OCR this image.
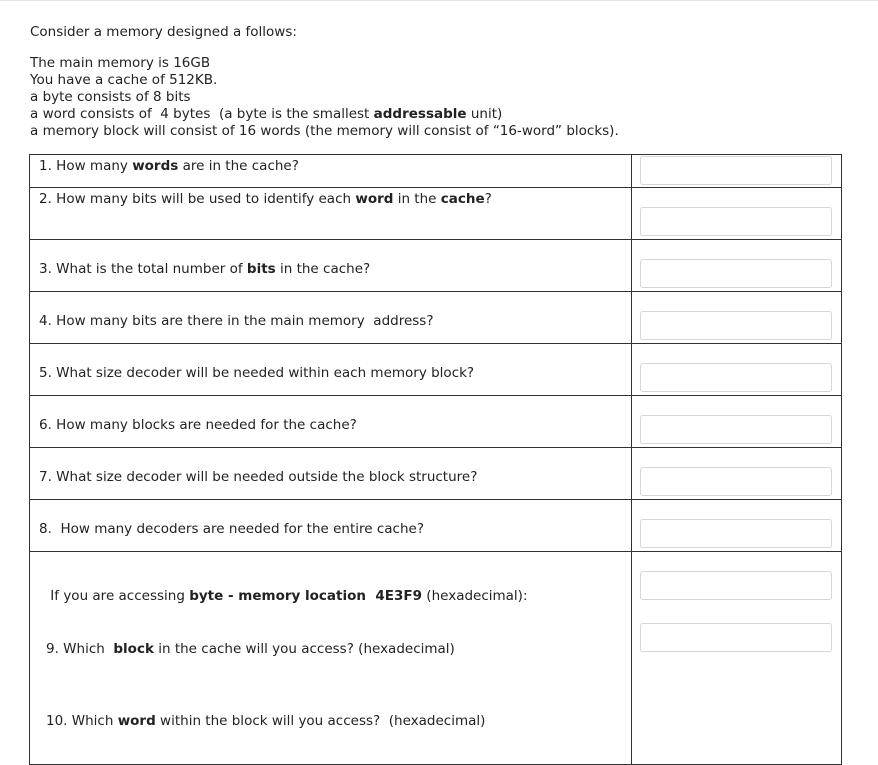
Consider a memory designed a follows:
The main memory is 16GB
You have a cache of 512KB.
a byte consists of 8 bits
a word consists of  4 bytes  (a byte is the smallest addressable unit)
a memory block will consist of 16 words (the memory will consist of “16-word” blocks).
1. How many words are in the cache?	

2. How many bits will be used to identify each word in the cache?	

3. What is the total number of bits in the cache?	

4. How many bits are there in the main memory  address?	

5. What size decoder will be needed within each memory block?	

6. How many blocks are needed for the cache?	

7. What size decoder will be needed outside the block structure?	

8.  How many decoders are needed for the entire cache?	

If you are accessing byte - memory location  4E3F9 (hexadecimal):

9. Which  block in the cache will you access? (hexadecimal)

10. Which word within the block will you access?  (hexadecimal)	
